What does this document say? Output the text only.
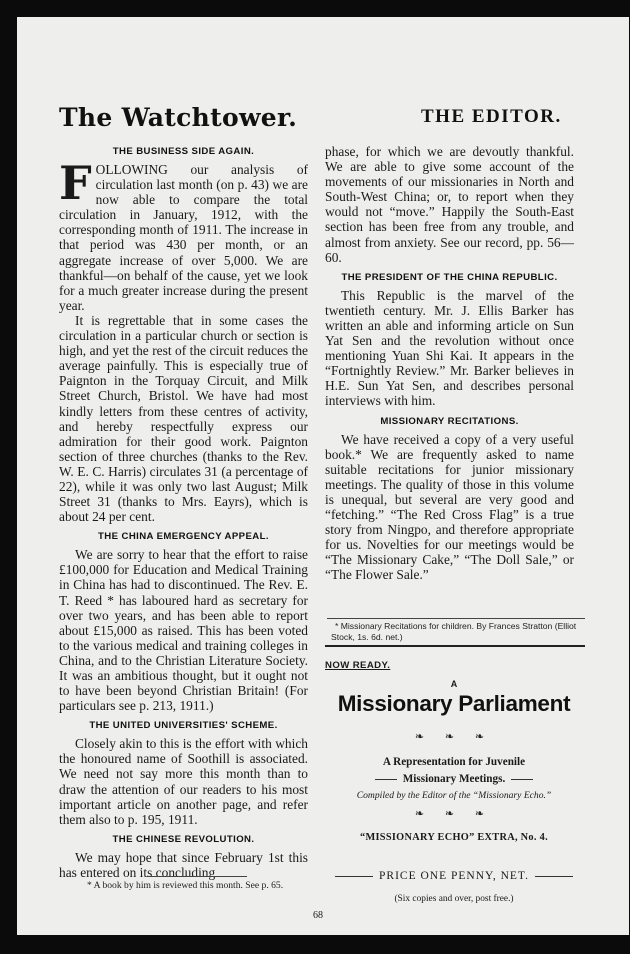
The Watchtower.	THE EDITOR.
THE BUSINESS SIDE AGAIN.

FOLLOWING our analysis of circulation last month (on p. 43) we are now able to compare the total circulation in January, 1912, with the corresponding month of 1911. The increase in that period was 430 per month, or an aggregate increase of over 5,000. We are thankful—on behalf of the cause, yet we look for a much greater increase during the present year.

It is regrettable that in some cases the circulation in a particular church or section is high, and yet the rest of the circuit reduces the average painfully. This is especially true of Paignton in the Torquay Circuit, and Milk Street Church, Bristol. We have had most kindly letters from these centres of activity, and hereby respectfully express our admiration for their good work. Paignton section of three churches (thanks to the Rev. W. E. C. Harris) circulates 31 (a percentage of 22), while it was only two last August; Milk Street 31 (thanks to Mrs. Eayrs), which is about 24 per cent.

THE CHINA EMERGENCY APPEAL.

We are sorry to hear that the effort to raise £100,000 for Education and Medical Training in China has had to discontinued. The Rev. E. T. Reed * has laboured hard as secretary for over two years, and has been able to report about £15,000 as raised. This has been voted to the various medical and training colleges in China, and to the Christian Literature Society. It was an ambitious thought, but it ought not to have been beyond Christian Britain! (For particulars see p. 213, 1911.)

THE UNITED UNIVERSITIES' SCHEME.

Closely akin to this is the effort with which the honoured name of Soothill is associated. We need not say more this month than to draw the attention of our readers to his most important article on another page, and refer them also to p. 195, 1911.

THE CHINESE REVOLUTION.

We may hope that since February 1st this has entered on its concluding

* A book by him is reviewed this month. See p. 65.

phase, for which we are devoutly thankful. We are able to give some account of the movements of our missionaries in North and South-West China; or, to report when they would not “move.” Happily the South-East section has been free from any trouble, and almost from anxiety. See our record, pp. 56—60.

THE PRESIDENT OF THE CHINA REPUBLIC.

This Republic is the marvel of the twentieth century. Mr. J. Ellis Barker has written an able and informing article on Sun Yat Sen and the revolution without once mentioning Yuan Shi Kai. It appears in the “Fortnightly Review.” Mr. Barker believes in H.E. Sun Yat Sen, and describes personal interviews with him.

MISSIONARY RECITATIONS.

We have received a copy of a very useful book.* We are frequently asked to name suitable recitations for junior missionary meetings. The quality of those in this volume is unequal, but several are very good and “fetching.” “The Red Cross Flag” is a true story from Ningpo, and therefore appropriate for us. Novelties for our meetings would be “The Missionary Cake,” “The Doll Sale,” or “The Flower Sale.”

* Missionary Recitations for children. By Frances Stratton (Elliot Stock, 1s. 6d. net.)
NOW READY.
A
Missionary Parliament
❧ ❧ ❧
A Representation for Juvenile
Missionary Meetings.
Compiled by the Editor of the “Missionary Echo.”
❧ ❧ ❧
“MISSIONARY ECHO” EXTRA, No. 4.
PRICE ONE PENNY, NET.
(Six copies and over, post free.)
68
